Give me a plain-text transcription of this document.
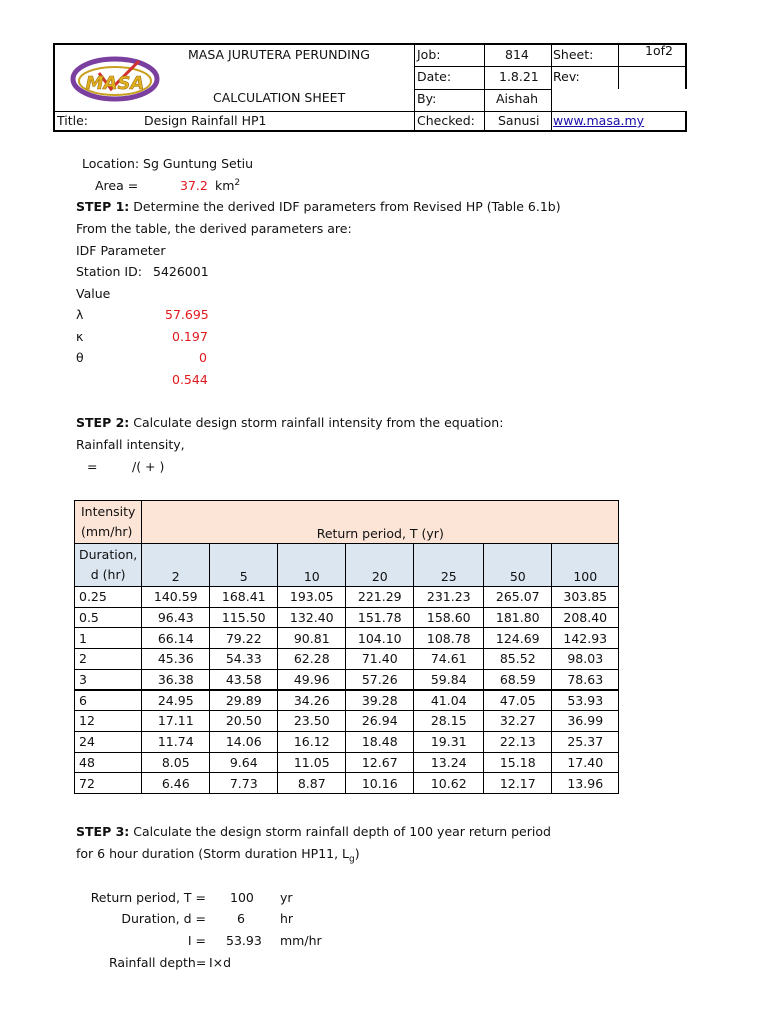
MASA
MASA JURUTERA PERUNDING
CALCULATION SHEET
Title:	Design Rainfall HP1
Job:	814 Sheet:	1of2
Date:	1.8.21 Rev:
By:	Aishah
Checked: Sanusi www.masa.my
Location: Sg Guntung Setiu
Area =	37.2 $km^2$
STEP 1: Determine the derived IDF parameters from Revised HP (Table 6.1b)
From the table, the derived parameters are:
IDF Parameter
Station ID: 5426001
Value
λ	57.695
κ	0.197
θ	0
0.544
STEP 2: Calculate design storm rainfall intensity from the equation:
Rainfall intensity,
=	/( + )
Intensity
(mm/hr)	Return period, T (yr)						
Duration,
d (hr)	2	5	10	20	25	50	100
0.25	140.59	168.41	193.05	221.29	231.23	265.07	303.85
0.5	96.43	115.50	132.40	151.78	158.60	181.80	208.40
1	66.14	79.22	90.81	104.10	108.78	124.69	142.93
2	45.36	54.33	62.28	71.40	74.61	85.52	98.03
3	36.38	43.58	49.96	57.26	59.84	68.59	78.63
6	24.95	29.89	34.26	39.28	41.04	47.05	53.93
12	17.11	20.50	23.50	26.94	28.15	32.27	36.99
24	11.74	14.06	16.12	18.48	19.31	22.13	25.37
48	8.05	9.64	11.05	12.67	13.24	15.18	17.40
72	6.46	7.73	8.87	10.16	10.62	12.17	13.96
STEP 3: Calculate the design storm rainfall depth of 100 year return period
for 6 hour duration (Storm duration HP11, $L_g$)
Return period, T = 100 yr
Duration, d = 6	hr
I = 53.93 mm/hr
Rainfall depth= I×d
